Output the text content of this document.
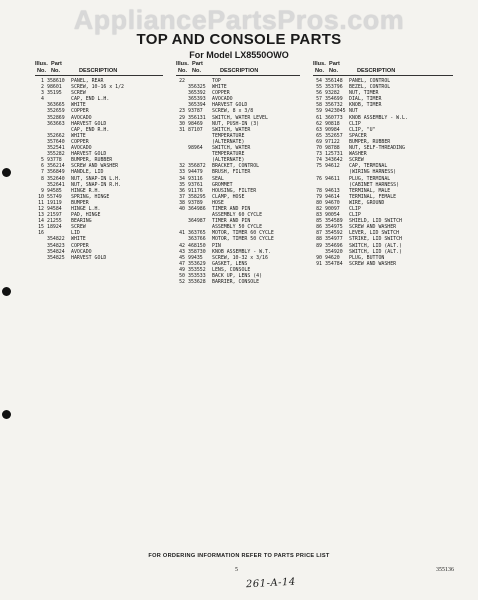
AppliancePartsPros.com
TOP AND CONSOLE PARTS
For Model LX8550OWO
Illus. Part
No. No.	DESCRIPTION
1 358610 PANEL, REAR
2 98601 SCREW, 10-16 x 1/2
3 35195 SCREW
4	CAP, END L.H.
363665 WHITE
352659 COPPER
352869 AVOCADO
363663 HARVEST GOLD
CAP, END R.H.
352662 WHITE
357640 COPPER
352541 AVOCADO
355282 HARVEST GOLD
5 93778 BUMPER, RUBBER
6 356214 SCREW AND WASHER
7 356849 HANDLE, LID
8 352640 NUT, SNAP-IN L.H.
352641 NUT, SNAP-IN R.H.
9 94585 HINGE R.H.
10 55749 SPRING, HINGE
11 19119 BUMPER
12 94584 HINGE L.H.
13 21597 PAD, HINGE
14 21255 BEARING
15 18924 SCREW
16	LID
354822 WHITE
354823 COPPER
354824 AVOCADO
354825 HARVEST GOLD
Illus. Part
No. No.	DESCRIPTION
22	TOP
356325 WHITE
365392 COPPER
365393 AVOCADO
365394 HARVEST GOLD
23 93787 SCREW, 8 x 3/8
29 356131 SWITCH, WATER LEVEL
30 98469 NUT, PUSH-IN (3)
31 87107 SWITCH, WATER
TEMPERATURE
(ALTERNATE)
98964 SWITCH, WATER
TEMPERATURE
(ALTERNATE)
32 356872 BRACKET, CONTROL
33 94479 BRUSH, FILTER
34 93116 SEAL
35 93761 GROMMET
36 91176 HOUSING, FILTER
37 358295 CLAMP, HOSE
38 93789 HOSE
40 364986 TIMER AND PIN
ASSEMBLY 60 CYCLE
364987 TIMER AND PIN
ASSEMBLY 50 CYCLE
41 363765 MOTOR, TIMER 60 CYCLE
363766 MOTOR, TIMER 50 CYCLE
42 468150 PIN
43 358730 KNOB ASSEMBLY - W.T.
45 99435 SCREW, 10-32 x 3/16
47 353629 GASKET, LENS
49 353552 LENS, CONSOLE
50 353533 BACK UP, LENS (4)
52 353628 BARRIER, CONSOLE
Illus. Part
No. No.	DESCRIPTION
54 356148 PANEL, CONTROL
55 353796 BEZEL, CONTROL
56 93282 NUT, TIMER
57 354699 DIAL, TIMER
58 356732 KNOB, TIMER
59 9423045 NUT
61 360773 KNOB ASSEMBLY - W.L.
62 90818 CLIP
63 90984 CLIP, "U"
65 352657 SPACER
69 97122 BUMPER, RUBBER
70 98788 NUT, SELF-THREADING
73 125731 WASHER
74 343642 SCREW
75 94612 CAP, TERMINAL
(WIRING HARNESS)
76 94611 PLUG, TERMINAL
(CABINET HARNESS)
78 94613 TERMINAL, MALE
79 94614 TERMINAL, FEMALE
80 94670 WIRE, GROUND
82 90097 CLIP
83 90054 CLIP
85 354589 SHIELD, LID SWITCH
86 354975 SCREW AND WASHER
87 354592 LEVER, LID SWITCH
88 354977 STRIKE, LID SWITCH
89 354696 SWITCH, LID (ALT.)
354920 SWITCH, LID (ALT.)
90 94620 PLUG, BUTTON
91 354784 SCREW AND WASHER
FOR ORDERING INFORMATION REFER TO PARTS PRICE LIST
5	355136
261-A-14
